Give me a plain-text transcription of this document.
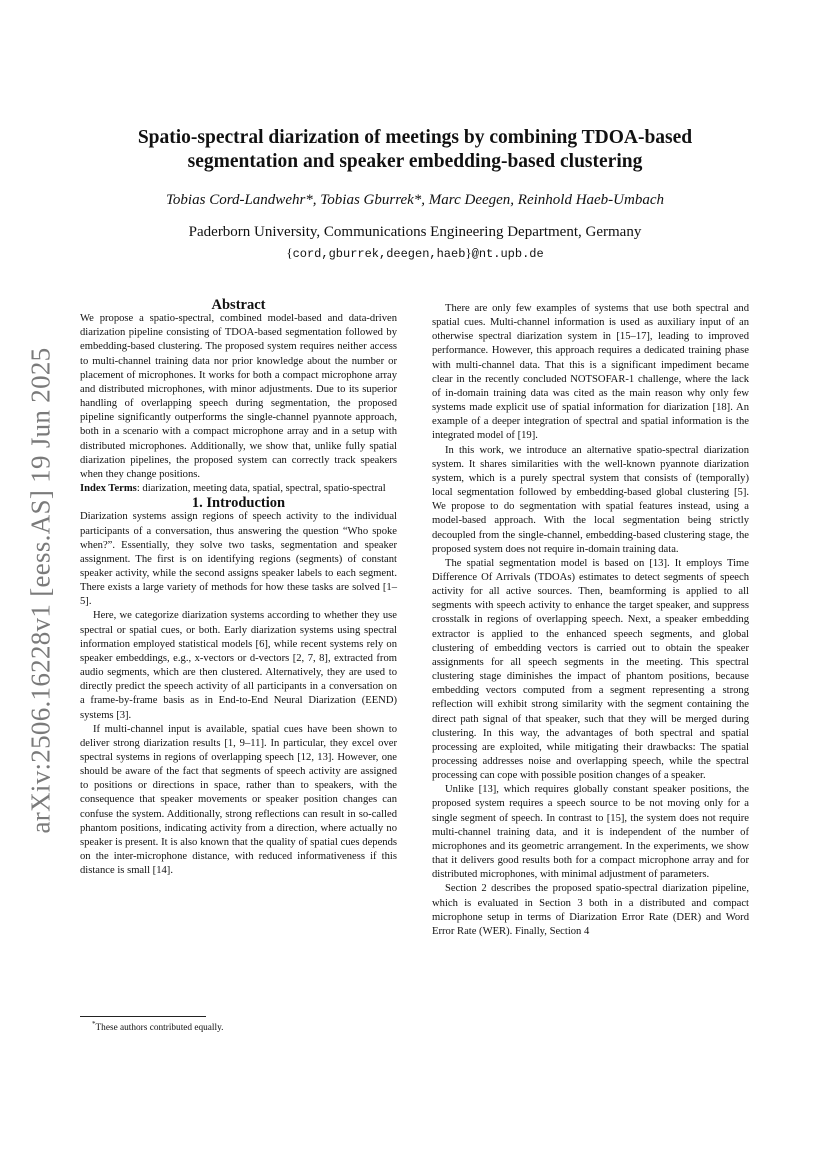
arXiv:2506.16228v1 [eess.AS] 19 Jun 2025
Spatio-spectral diarization of meetings by combining TDOA-based
segmentation and speaker embedding-based clustering
Tobias Cord-Landwehr*, Tobias Gburrek*, Marc Deegen, Reinhold Haeb-Umbach
Paderborn University, Communications Engineering Department, Germany
{cord,gburrek,deegen,haeb}@nt.upb.de

Abstract

We propose a spatio-spectral, combined model-based and data-driven diarization pipeline consisting of TDOA-based segmentation followed by embedding-based clustering. The proposed system requires neither access to multi-channel training data nor prior knowledge about the number or placement of microphones. It works for both a compact microphone array and distributed microphones, with minor adjustments. Due to its superior handling of overlapping speech during segmentation, the proposed pipeline significantly outperforms the single-channel pyannote approach, both in a scenario with a compact microphone array and in a setup with distributed microphones. Additionally, we show that, unlike fully spatial diarization pipelines, the proposed system can correctly track speakers when they change positions.

Index Terms: diarization, meeting data, spatial, spectral, spatio-spectral

1. Introduction

Diarization systems assign regions of speech activity to the individual participants of a conversation, thus answering the question “Who spoke when?”. Essentially, they solve two tasks, segmentation and speaker assignment. The first is on identifying regions (segments) of constant speaker activity, while the second assigns speaker labels to each segment. There exists a large variety of methods for how these tasks are solved [1–5].

Here, we categorize diarization systems according to whether they use spectral or spatial cues, or both. Early diarization systems using spectral information employed statistical models [6], while recent systems rely on speaker embeddings, e.g., x-vectors or d-vectors [2, 7, 8], extracted from audio segments, which are then clustered. Alternatively, they are used to directly predict the speech activity of all participants in a conversation on a frame-by-frame basis as in End-to-End Neural Diarization (EEND) systems [3].

If multi-channel input is available, spatial cues have been shown to deliver strong diarization results [1, 9–11]. In particular, they excel over spectral systems in regions of overlapping speech [12, 13]. However, one should be aware of the fact that segments of speech activity are assigned to positions or directions in space, rather than to speakers, with the consequence that speaker movements or speaker position changes can confuse the system. Additionally, strong reflections can result in so-called phantom positions, indicating activity from a direction, where actually no speaker is present. It is also known that the quality of spatial cues depends on the inter-microphone distance, with reduced informativeness if this distance is small [14].

*These authors contributed equally.

There are only few examples of systems that use both spectral and spatial cues. Multi-channel information is used as auxiliary input of an otherwise spectral diarization system in [15–17], leading to improved performance. However, this approach requires a dedicated training phase with multi-channel data. That this is a significant impediment became clear in the recently concluded NOTSOFAR-1 challenge, where the lack of in-domain training data was cited as the main reason why only few systems made explicit use of spatial information for diarization [18]. An example of a deeper integration of spectral and spatial information is the integrated model of [19].

In this work, we introduce an alternative spatio-spectral diarization system. It shares similarities with the well-known pyannote diarization system, which is a purely spectral system that consists of (temporally) local segmentation followed by embedding-based global clustering [5]. We propose to do segmentation with spatial features instead, using a model-based approach. With the local segmentation being strictly decoupled from the single-channel, embedding-based clustering stage, the proposed system does not require in-domain training data.

The spatial segmentation model is based on [13]. It employs Time Difference Of Arrivals (TDOAs) estimates to detect segments of speech activity for all active sources. Then, beamforming is applied to all segments with speech activity to enhance the target speaker, and suppress crosstalk in regions of overlapping speech. Next, a speaker embedding extractor is applied to the enhanced speech segments, and global clustering of embedding vectors is carried out to obtain the speaker assignments for all speech segments in the meeting. This spectral clustering stage diminishes the impact of phantom positions, because embedding vectors computed from a segment representing a strong reflection will exhibit strong similarity with the segment containing the direct path signal of that speaker, such that they will be merged during clustering. In this way, the advantages of both spectral and spatial processing are exploited, while mitigating their drawbacks: The spatial processing addresses noise and overlapping speech, while the spectral processing can cope with possible position changes of a speaker.

Unlike [13], which requires globally constant speaker positions, the proposed system requires a speech source to be not moving only for a single segment of speech. In contrast to [15], the system does not require multi-channel training data, and it is independent of the number of microphones and its geometric arrangement. In the experiments, we show that it delivers good results both for a compact microphone array and for distributed microphones, with minimal adjustment of parameters.

Section 2 describes the proposed spatio-spectral diarization pipeline, which is evaluated in Section 3 both in a distributed and compact microphone setup in terms of Diarization Error Rate (DER) and Word Error Rate (WER). Finally, Section 4
